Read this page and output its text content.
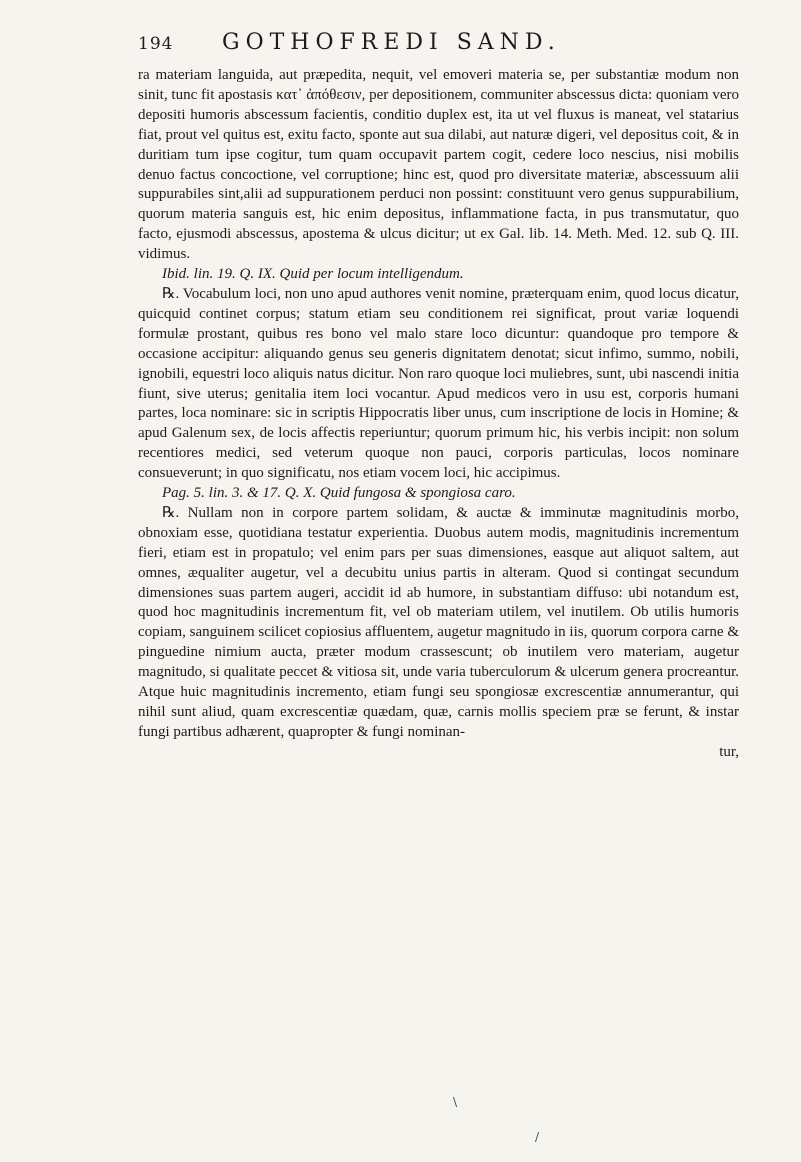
194 GOTHOFREDI SAND.

ra materiam languida, aut præpedita, nequit, vel emoveri materia se, per substantiæ modum non sinit, tunc fit apostasis κατ᾽ ἀπόθεσιν, per depositionem, communiter abscessus dicta: quoniam vero depositi humoris abscessum facientis, conditio duplex est, ita ut vel fluxus is maneat, vel statarius fiat, prout vel quitus est, exitu facto, sponte aut sua dilabi, aut naturæ digeri, vel depositus coit, & in duritiam tum ipse cogitur, tum quam occupavit partem cogit, cedere loco nescius, nisi mobilis denuo factus concoctione, vel corruptione; hinc est, quod pro diversitate materiæ, abscessuum alii suppurabiles sint,alii ad suppurationem perduci non possint: constituunt vero genus suppurabilium, quorum materia sanguis est, hic enim depositus, inflammatione facta, in pus transmutatur, quo facto, ejusmodi abscessus, apostema & ulcus dicitur; ut ex Gal. lib. 14. Meth. Med. 12. sub Q. III. vidimus.

Ibid. lin. 19. Q. IX. Quid per locum intelligendum.

℞. Vocabulum loci, non uno apud authores venit nomine, præterquam enim, quod locus dicatur, quicquid continet corpus; statum etiam seu conditionem rei significat, prout variæ loquendi formulæ prostant, quibus res bono vel malo stare loco dicuntur: quandoque pro tempore & occasione accipitur: aliquando genus seu generis dignitatem denotat; sicut infimo, summo, nobili, ignobili, equestri loco aliquis natus dicitur. Non raro quoque loci muliebres, sunt, ubi nascendi initia fiunt, sive uterus; genitalia item loci vocantur. Apud medicos vero in usu est, corporis humani partes, loca nominare: sic in scriptis Hippocratis liber unus, cum inscriptione de locis in Homine; & apud Galenum sex, de locis affectis reperiuntur; quorum primum hic, his verbis incipit: non solum recentiores medici, sed veterum quoque non pauci, corporis particulas, locos nominare consueverunt; in quo significatu, nos etiam vocem loci, hic accipimus.

Pag. 5. lin. 3. & 17. Q. X. Quid fungosa & spongiosa caro.

℞. Nullam non in corpore partem solidam, & auctæ & imminutæ magnitudinis morbo, obnoxiam esse, quotidiana testatur experientia. Duobus autem modis, magnitudinis incrementum fieri, etiam est in propatulo; vel enim pars per suas dimensiones, easque aut aliquot saltem, aut omnes, æqualiter augetur, vel a decubitu unius partis in alteram. Quod si contingat secundum dimensiones suas partem augeri, accidit id ab humore, in substantiam diffuso: ubi notandum est, quod hoc magnitudinis incrementum fit, vel ob materiam utilem, vel inutilem. Ob utilis humoris copiam, sanguinem scilicet copiosius affluentem, augetur magnitudo in iis, quorum corpora carne & pinguedine nimium aucta, præter modum crassescunt; ob inutilem vero materiam, augetur magnitudo, si qualitate peccet & vitiosa sit, unde varia tuberculorum & ulcerum genera procreantur. Atque huic magnitudinis incremento, etiam fungi seu spongiosæ excrescentiæ annumerantur, qui nihil sunt aliud, quam excrescentiæ quædam, quæ, carnis mollis speciem præ se ferunt, & instar fungi partibus adhærent, quapropter & fungi nominan-

tur,

\
/
